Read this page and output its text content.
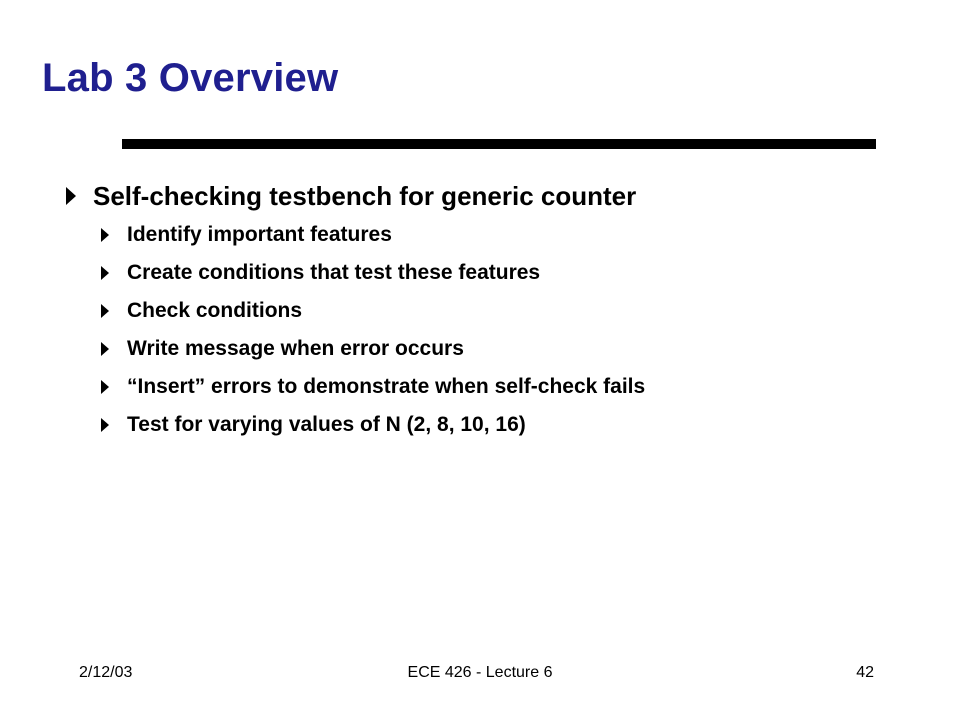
Lab 3 Overview
Self-checking testbench for generic counter
Identify important features
Create conditions that test these features
Check conditions
Write message when error occurs
“Insert” errors to demonstrate when self-check fails
Test for varying values of N (2, 8, 10, 16)
2/12/03	ECE 426 - Lecture 6	42
